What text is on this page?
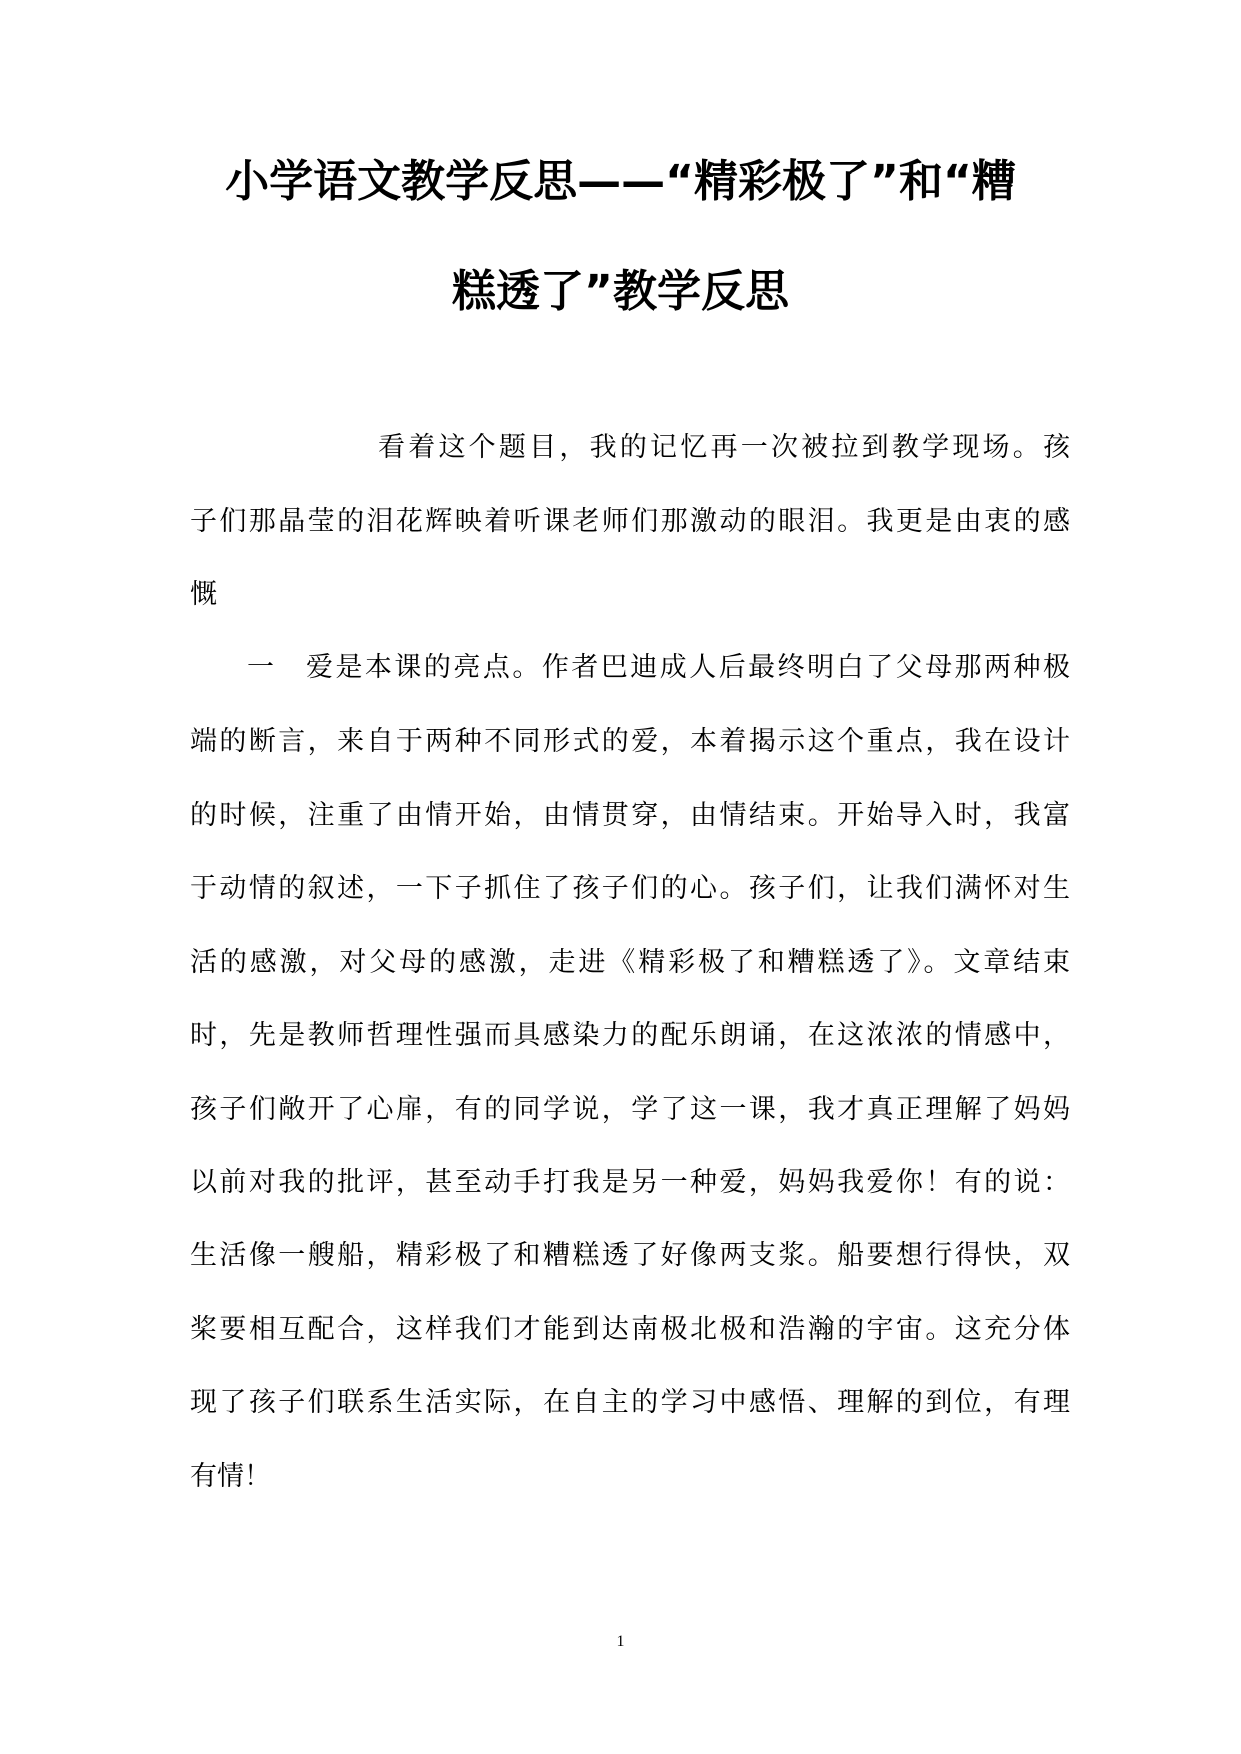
小学语文教学反思——“精彩极了”和“糟
糕透了”教学反思
看着这个题目，我的记忆再一次被拉到教学现场。孩
子们那晶莹的泪花辉映着听课老师们那激动的眼泪。我更是由衷的感
慨
一　爱是本课的亮点。作者巴迪成人后最终明白了父母那两种极
端的断言，来自于两种不同形式的爱，本着揭示这个重点，我在设计
的时候，注重了由情开始，由情贯穿，由情结束。开始导入时，我富
于动情的叙述，一下子抓住了孩子们的心。孩子们，让我们满怀对生
活的感激，对父母的感激，走进《精彩极了和糟糕透了》。文章结束
时，先是教师哲理性强而具感染力的配乐朗诵，在这浓浓的情感中，
孩子们敞开了心扉，有的同学说，学了这一课，我才真正理解了妈妈
以前对我的批评，甚至动手打我是另一种爱，妈妈我爱你！有的说：
生活像一艘船，精彩极了和糟糕透了好像两支浆。船要想行得快，双
桨要相互配合，这样我们才能到达南极北极和浩瀚的宇宙。这充分体
现了孩子们联系生活实际，在自主的学习中感悟、理解的到位，有理
有情！
1
